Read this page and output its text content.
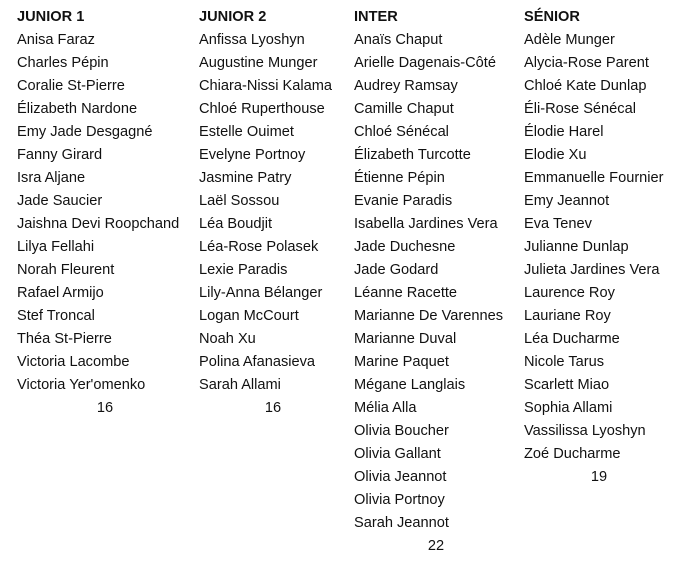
JUNIOR 1
Anisa Faraz
Charles Pépin
Coralie St-Pierre
Élizabeth Nardone
Emy Jade Desgagné
Fanny Girard
Isra Aljane
Jade Saucier
Jaishna Devi Roopchand
Lilya Fellahi
Norah Fleurent
Rafael Armijo
Stef Troncal
Théa St-Pierre
Victoria Lacombe
Victoria Yer'omenko
16
JUNIOR 2
Anfissa Lyoshyn
Augustine Munger
Chiara-Nissi Kalama
Chloé Ruperthouse
Estelle Ouimet
Evelyne Portnoy
Jasmine Patry
Laël Sossou
Léa Boudjit
Léa-Rose Polasek
Lexie Paradis
Lily-Anna Bélanger
Logan McCourt
Noah Xu
Polina Afanasieva
Sarah Allami
16
INTER
Anaïs Chaput
Arielle Dagenais-Côté
Audrey Ramsay
Camille Chaput
Chloé Sénécal
Élizabeth Turcotte
Étienne Pépin
Evanie Paradis
Isabella Jardines Vera
Jade Duchesne
Jade Godard
Léanne Racette
Marianne De Varennes
Marianne Duval
Marine Paquet
Mégane Langlais
Mélia Alla
Olivia Boucher
Olivia Gallant
Olivia Jeannot
Olivia Portnoy
Sarah Jeannot
22
SÉNIOR
Adèle Munger
Alycia-Rose Parent
Chloé Kate Dunlap
Éli-Rose Sénécal
Élodie Harel
Elodie Xu
Emmanuelle Fournier
Emy Jeannot
Eva Tenev
Julianne Dunlap
Julieta Jardines Vera
Laurence Roy
Lauriane Roy
Léa Ducharme
Nicole Tarus
Scarlett Miao
Sophia Allami
Vassilissa Lyoshyn
Zoé Ducharme
19
